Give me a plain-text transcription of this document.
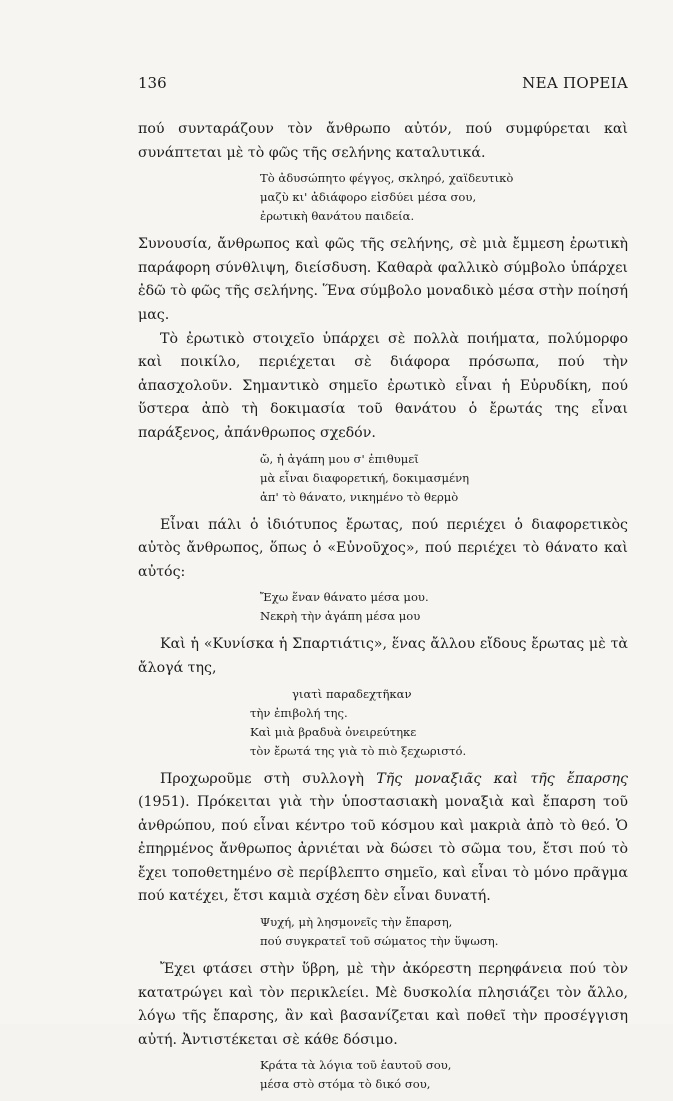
136	ΝΕΑ ΠΟΡΕΙΑ

πού συνταράζουν τὸν ἄνθρωπο αὐτόν, πού συμφύρεται καὶ συνάπτεται μὲ τὸ φῶς τῆς σελήνης καταλυτικά.

Τὸ ἀδυσώπητο φέγγος, σκληρό, χαϊδευτικὸ
μαζὺ κι' ἀδιάφορο εἰσδύει μέσα σου,
ἐρωτικὴ θανάτου παιδεία.

Συνουσία, ἄνθρωπος καὶ φῶς τῆς σελήνης, σὲ μιὰ ἔμμεση ἐρωτικὴ παράφορη σύνθλιψη, διείσδυση. Καθαρὰ φαλλικὸ σύμβολο ὑπάρχει ἐδῶ τὸ φῶς τῆς σελήνης. Ἕνα σύμβολο μοναδικὸ μέσα στὴν ποίησή μας.

Τὸ ἐρωτικὸ στοιχεῖο ὑπάρχει σὲ πολλὰ ποιήματα, πολύμορφο καὶ ποικίλο, περιέχεται σὲ διάφορα πρόσωπα, πού τὴν ἀπασχολοῦν. Σημαντικὸ σημεῖο ἐρωτικὸ εἶναι ἡ Εὐρυδίκη, πού ὕστερα ἀπὸ τὴ δοκιμασία τοῦ θανάτου ὁ ἔρωτάς της εἶναι παράξενος, ἀπάνθρωπος σχεδόν.

ὤ, ἡ ἀγάπη μου σ' ἐπιθυμεῖ
μὰ εἶναι διαφορετική, δοκιμασμένη
ἀπ' τὸ θάνατο, νικημένο τὸ θερμὸ

Εἶναι πάλι ὁ ἰδιότυπος ἔρωτας, πού περιέχει ὁ διαφορετικὸς αὐτὸς ἄνθρωπος, ὅπως ὁ «Εὐνοῦχος», πού περιέχει τὸ θάνατο καὶ αὐτός:

Ἔχω ἕναν θάνατο μέσα μου.
Νεκρὴ τὴν ἀγάπη μέσα μου

Καὶ ἡ «Κυνίσκα ἡ Σπαρτιάτις», ἕνας ἄλλου εἴδους ἔρωτας μὲ τὰ ἄλογά της,

γιατὶ παραδεχτῆκαν
τὴν ἐπιβολή της.
Καὶ μιὰ βραδυὰ ὀνειρεύτηκε
τὸν ἔρωτά της γιὰ τὸ πιὸ ξεχωριστό.

Προχωροῦμε στὴ συλλογὴ Τῆς μοναξιᾶς καὶ τῆς ἔπαρσης (1951). Πρόκειται γιὰ τὴν ὑποστασιακὴ μοναξιὰ καὶ ἔπαρση τοῦ ἀνθρώπου, πού εἶναι κέντρο τοῦ κόσμου καὶ μακριὰ ἀπὸ τὸ θεό. Ὁ ἐπηρμένος ἄνθρωπος ἀρνιέται νὰ δώσει τὸ σῶμα του, ἔτσι πού τὸ ἔχει τοποθετημένο σὲ περίβλεπτο σημεῖο, καὶ εἶναι τὸ μόνο πρᾶγμα πού κατέχει, ἔτσι καμιὰ σχέση δὲν εἶναι δυνατή.

Ψυχή, μὴ λησμονεῖς τὴν ἔπαρση,
πού συγκρατεῖ τοῦ σώματος τὴν ὕψωση.

Ἔχει φτάσει στὴν ὕβρη, μὲ τὴν ἀκόρεστη περηφάνεια πού τὸν κατατρώγει καὶ τὸν περικλείει. Μὲ δυσκολία πλησιάζει τὸν ἄλλο, λόγω τῆς ἔπαρσης, ἂν καὶ βασανίζεται καὶ ποθεῖ τὴν προσέγγιση αὐτή. Ἀντιστέκεται σὲ κάθε δόσιμο.

Κράτα τὰ λόγια τοῦ ἑαυτοῦ σου,
μέσα στὸ στόμα τὸ δικό σου,
